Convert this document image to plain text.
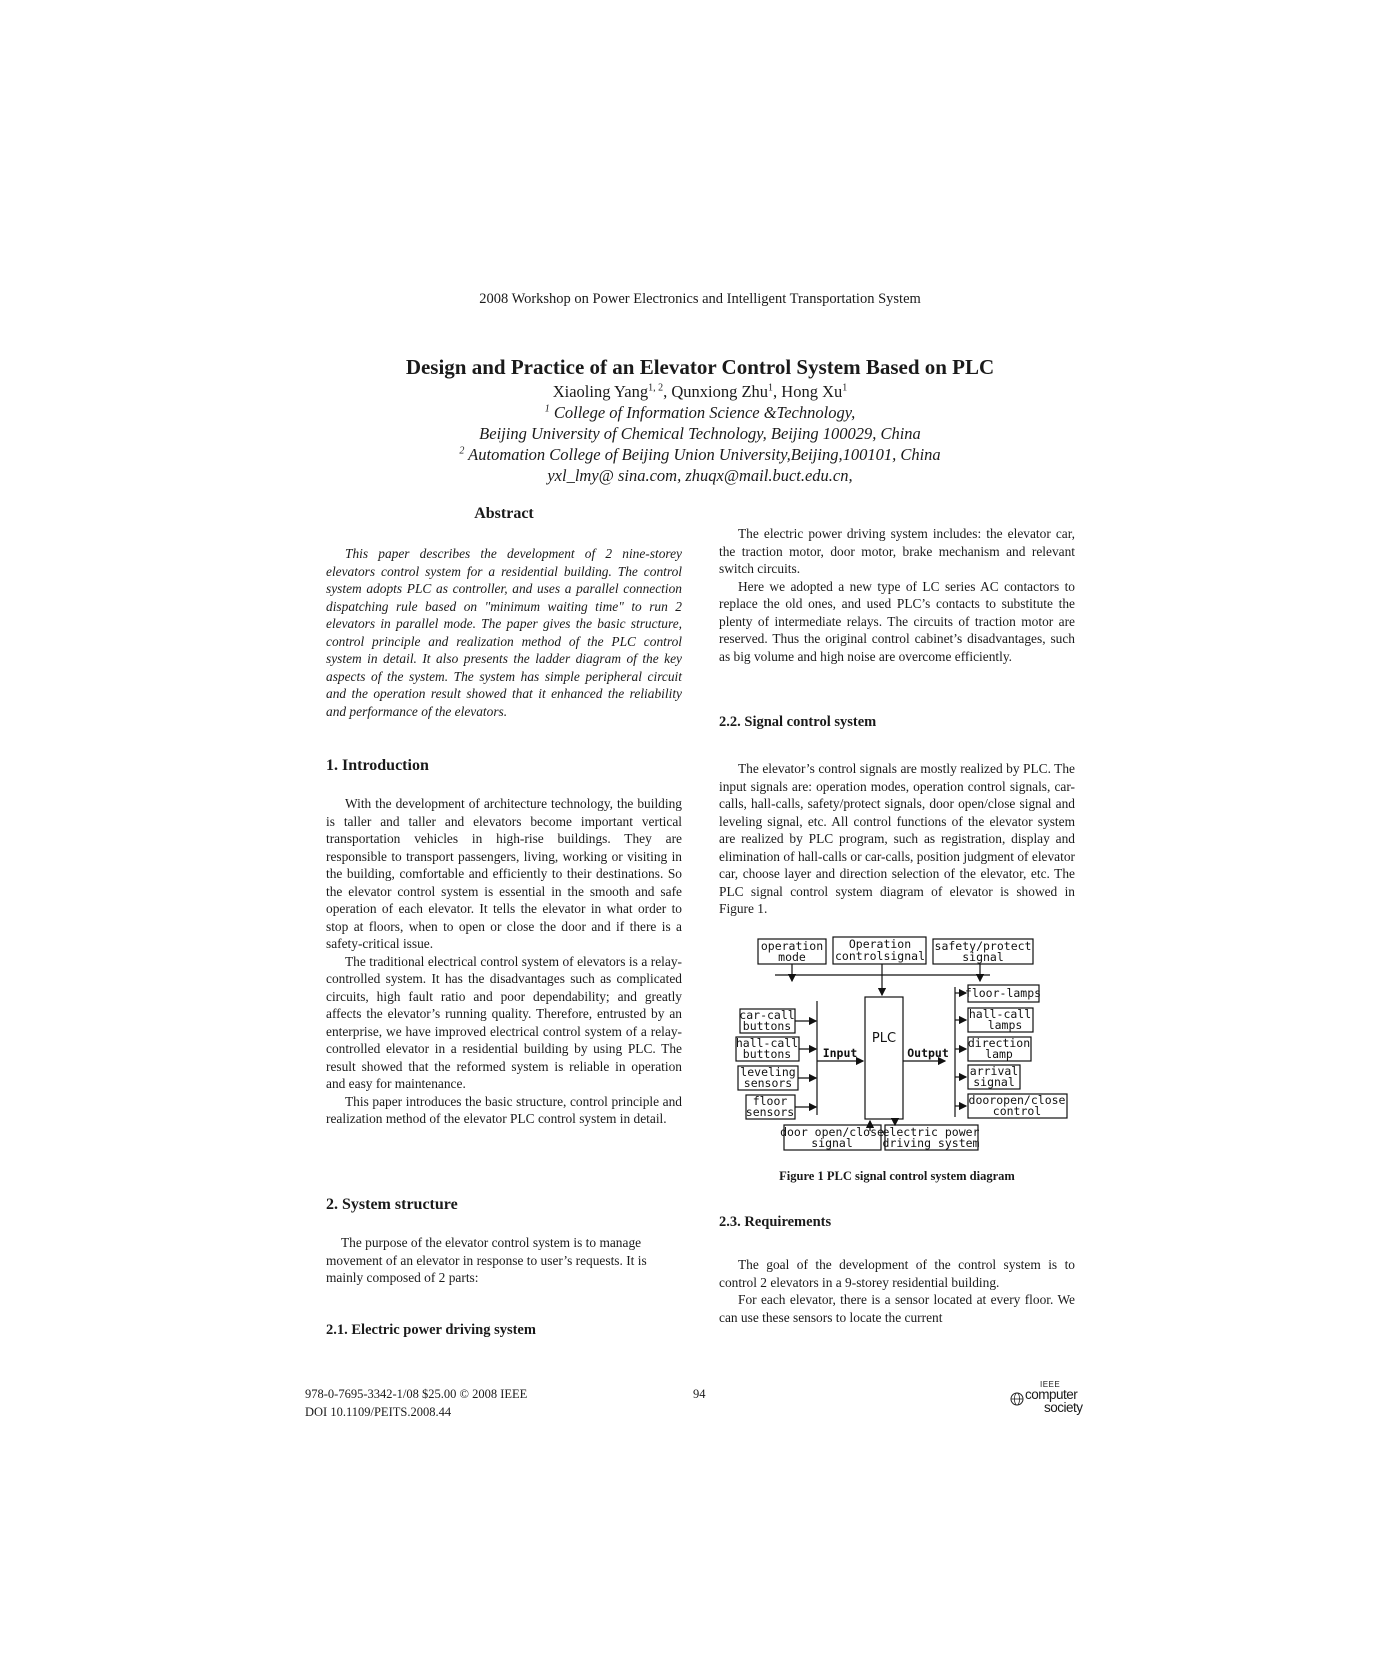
2008 Workshop on Power Electronics and Intelligent Transportation System
Design and Practice of an Elevator Control System Based on PLC
Xiaoling Yang$^{1, 2}$, Qunxiong Zhu$^1$, Hong Xu$^1$
$^1$ College of Information Science &Technology,
Beijing University of Chemical Technology, Beijing 100029, China
$^2$ Automation College of Beijing Union University,Beijing,100101, China
yxl_lmy@ sina.com, zhuqx@mail.buct.edu.cn,
Abstract

This paper describes the development of 2 nine-storey elevators control system for a residential building. The control system adopts PLC as controller, and uses a parallel connection dispatching rule based on "minimum waiting time" to run 2 elevators in parallel mode. The paper gives the basic structure, control principle and realization method of the PLC control system in detail. It also presents the ladder diagram of the key aspects of the system. The system has simple peripheral circuit and the operation result showed that it enhanced the reliability and performance of the elevators.

1. Introduction

With the development of architecture technology, the building is taller and taller and elevators become important vertical transportation vehicles in high-rise buildings. They are responsible to transport passengers, living, working or visiting in the building, comfortable and efficiently to their destinations. So the elevator control system is essential in the smooth and safe operation of each elevator. It tells the elevator in what order to stop at floors, when to open or close the door and if there is a safety-critical issue.

The traditional electrical control system of elevators is a relay-controlled system. It has the disadvantages such as complicated circuits, high fault ratio and poor dependability; and greatly affects the elevator’s running quality. Therefore, entrusted by an enterprise, we have improved electrical control system of a relay-controlled elevator in a residential building by using PLC. The result showed that the reformed system is reliable in operation and easy for maintenance.

This paper introduces the basic structure, control principle and realization method of the elevator PLC control system in detail.

2. System structure

The purpose of the elevator control system is to manage movement of an elevator in response to user’s requests. It is mainly composed of 2 parts:

2.1. Electric power driving system

The electric power driving system includes: the elevator car, the traction motor, door motor, brake mechanism and relevant switch circuits.

Here we adopted a new type of LC series AC contactors to replace the old ones, and used PLC’s contacts to substitute the plenty of intermediate relays. The circuits of traction motor are reserved. Thus the original control cabinet’s disadvantages, such as big volume and high noise are overcome efficiently.

2.2. Signal control system

The elevator’s control signals are mostly realized by PLC. The input signals are: operation modes, operation control signals, car-calls, hall-calls, safety/protect signals, door open/close signal and leveling signal, etc. All control functions of the elevator system are realized by PLC program, such as registration, display and elimination of hall-calls or car-calls, position judgment of elevator car, choose layer and direction selection of the elevator, etc. The PLC signal control system diagram of elevator is showed in Figure 1.

operation
mode
Operation
controlsignal
safety/protect
signal
PLC
Input	Output
car-call
buttons
hall-call
buttons
leveling
sensors
floor
sensors
floor-lamps
hall-call
lamps
direction
lamp
arrival
signal
dooropen/close
control
door open/close
signal
electric power
driving system
Figure 1 PLC signal control system diagram
2.3. Requirements

The goal of the development of the control system is to control 2 elevators in a 9-storey residential building.

For each elevator, there is a sensor located at every floor. We can use these sensors to locate the current

978-0-7695-3342-1/08 $25.00 © 2008 IEEE
DOI 10.1109/PEITS.2008.44
94
IEEE
computer
society
